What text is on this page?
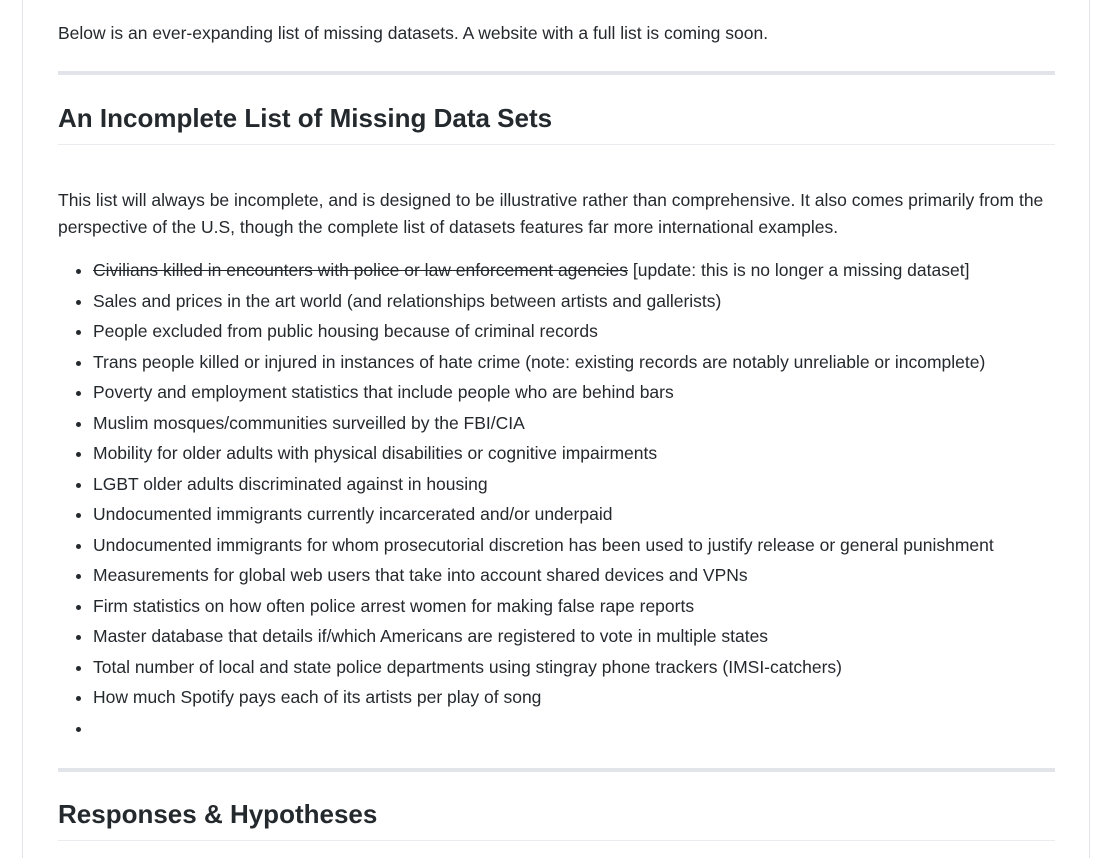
Below is an ever-expanding list of missing datasets. A website with a full list is coming soon.

An Incomplete List of Missing Data Sets

This list will always be incomplete, and is designed to be illustrative rather than comprehensive. It also comes primarily from the perspective of the U.S, though the complete list of datasets features far more international examples.

• Civilians killed in encounters with police or law enforcement agencies [update: this is no longer a missing dataset]
• Sales and prices in the art world (and relationships between artists and gallerists)
• People excluded from public housing because of criminal records
• Trans people killed or injured in instances of hate crime (note: existing records are notably unreliable or incomplete)
• Poverty and employment statistics that include people who are behind bars
• Muslim mosques/communities surveilled by the FBI/CIA
• Mobility for older adults with physical disabilities or cognitive impairments
• LGBT older adults discriminated against in housing
• Undocumented immigrants currently incarcerated and/or underpaid
• Undocumented immigrants for whom prosecutorial discretion has been used to justify release or general punishment
• Measurements for global web users that take into account shared devices and VPNs
• Firm statistics on how often police arrest women for making false rape reports
• Master database that details if/which Americans are registered to vote in multiple states
• Total number of local and state police departments using stingray phone trackers (IMSI-catchers)
• How much Spotify pays each of its artists per play of song
•
Responses & Hypotheses
